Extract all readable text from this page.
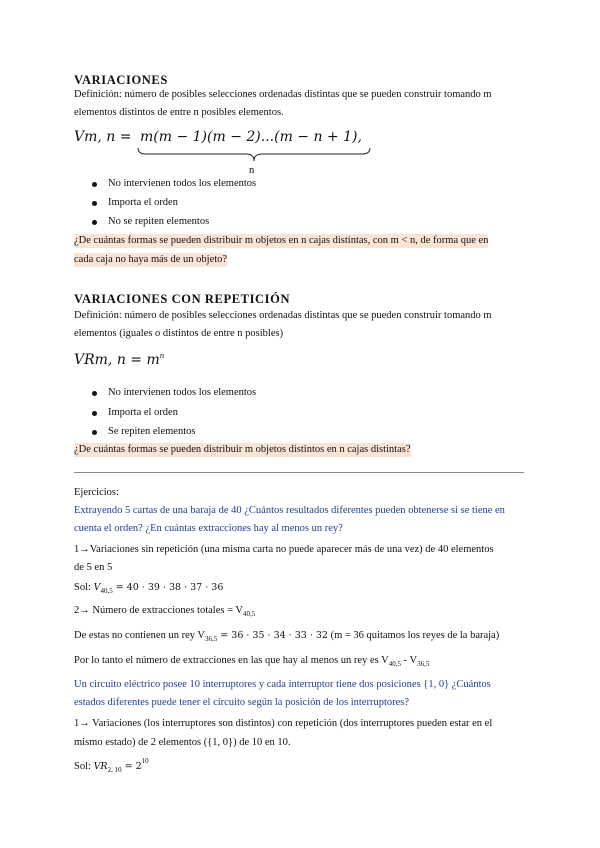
VARIACIONES
Definición: número de posibles selecciones ordenadas distintas que se pueden construir tomando m
elementos distintos de entre n posibles elementos.
Vm, n = m(m − 1)(m − 2)...(m − n + 1),
n
No intervienen todos los elementos
Importa el orden
No se repiten elementos
¿De cuántas formas se pueden distribuir m objetos en n cajas distintas, con m < n, de forma que en
cada caja no haya más de un objeto?
VARIACIONES CON REPETICIÓN
Definición: número de posibles selecciones ordenadas distintas que se pueden construir tomando m
elementos (iguales o distintos de entre n posibles)
VRm, $n = m^n$
No intervienen todos los elementos
Importa el orden
Se repiten elementos
¿De cuántas formas se pueden distribuir m objetos distintos en n cajas distintas?
Ejercicios:
Extrayendo 5 cartas de una baraja de 40 ¿Cuántos resultados diferentes pueden obtenerse si se tiene en
cuenta el orden? ¿En cuántas extracciones hay al menos un rey?
1→Variaciones sin repetición (una misma carta no puede aparecer más de una vez) de 40 elementos
de 5 en 5
Sol: $V_{40,5} = 40 \cdot 39 \cdot 38 \cdot 37 \cdot 36$
2→ Número de extracciones totales = $V_{40,5}$
De estas no contienen un rey $V_{36,5} = 36 \cdot 35 \cdot 34 \cdot 33 \cdot 32$ (m = 36 quitamos los reyes de la baraja)
Por lo tanto el número de extracciones en las que hay al menos un rey es $V_{40,5} - V_{36,5}$
Un circuito eléctrico posee 10 interruptores y cada interruptor tiene dos posiciones {1, 0} ¿Cuántos
estados diferentes puede tener el circuito según la posición de los interruptores?
1→ Variaciones (los interruptores son distintos) con repetición (dos interruptores pueden estar en el
mismo estado) de 2 elementos ({1, 0}) de 10 en 10.
Sol: $VR_{2, 10} = 2^{10}$
